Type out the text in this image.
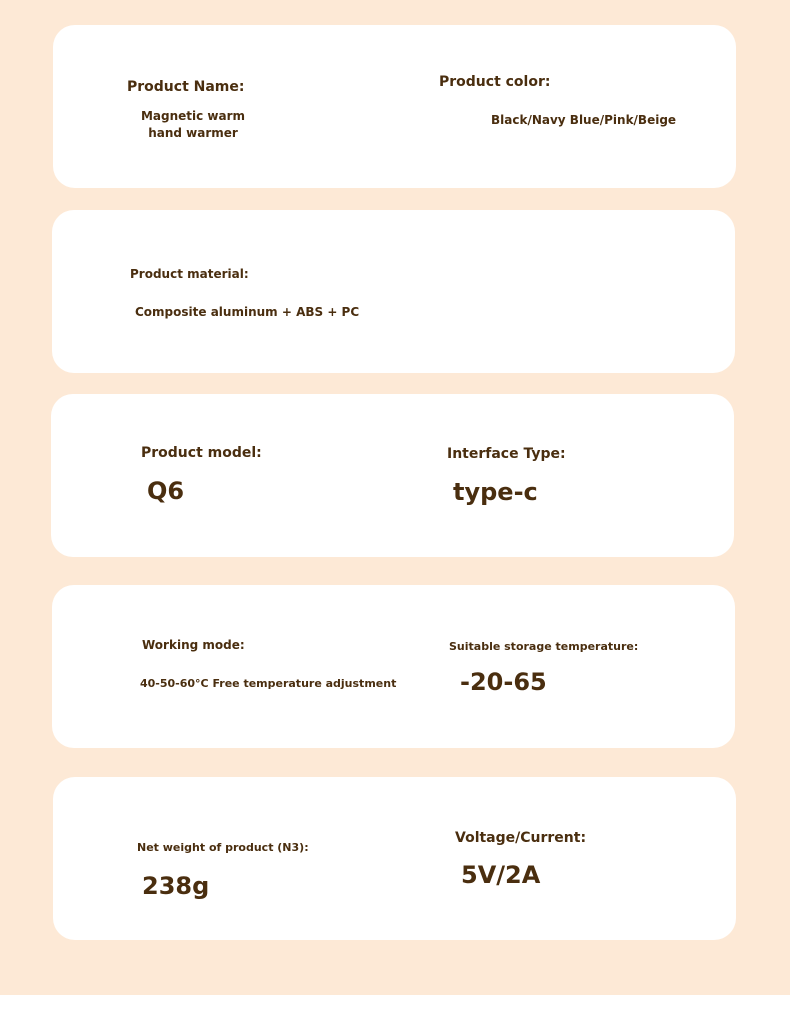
Product Name:
Magnetic warm hand warmer
Product color:
Black/Navy Blue/Pink/Beige
Product material:
Composite aluminum + ABS + PC
Product model:
Q6
Interface Type:
type-c
Working mode:
40-50-60°C Free temperature adjustment
Suitable storage temperature:
-20-65
Net weight of product (N3):
238g
Voltage/Current:
5V/2A
